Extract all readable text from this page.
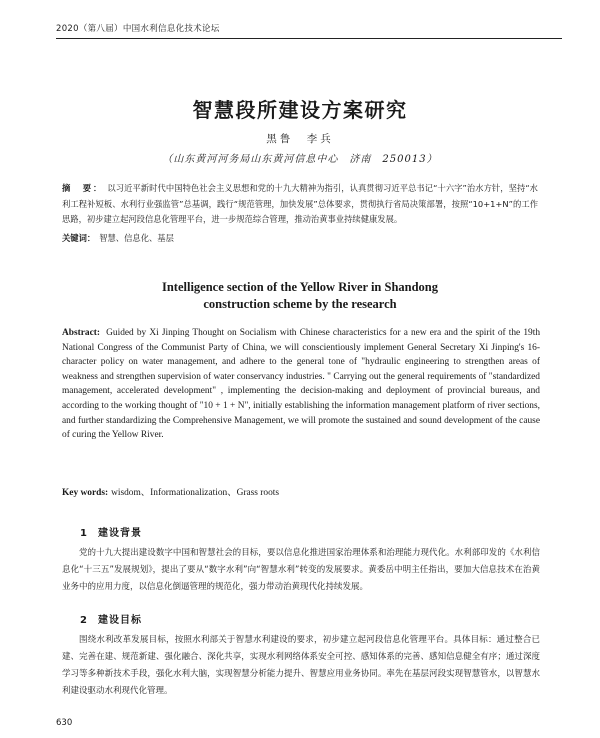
2020（第八届）中国水利信息化技术论坛
智慧段所建设方案研究
黑鲁　李兵
（山东黄河河务局山东黄河信息中心　济南　250013）
摘　要： 以习近平新时代中国特色社会主义思想和党的十九大精神为指引，认真贯彻习近平总书记“十六字”治水方针，坚持“水利工程补短板、水利行业强监管”总基调，践行“规范管理，加快发展”总体要求，贯彻执行省局决策部署，按照“10+1+N”的工作思路，初步建立起河段信息化管理平台，进一步规范综合管理，推动治黄事业持续健康发展。
关键词： 智慧、信息化、基层
Intelligence section of the Yellow River in Shandong
construction scheme by the research
Abstract: Guided by Xi Jinping Thought on Socialism with Chinese characteristics for a new era and the spirit of the 19th National Congress of the Communist Party of China, we will conscientiously implement General Secretary Xi Jinping's 16-character policy on water management, and adhere to the general tone of "hydraulic engineering to strengthen areas of weakness and strengthen supervision of water conservancy industries. " Carrying out the general requirements of "standardized management, accelerated development" , implementing the decision-making and deployment of provincial bureaus, and according to the working thought of "10 + 1 + N", initially establishing the information management platform of river sections, and further standardizing the Comprehensive Management, we will promote the sustained and sound development of the cause of curing the Yellow River.
Key words: wisdom、Informationalization、Grass roots
1 建设背景
党的十九大提出建设数字中国和智慧社会的目标，要以信息化推进国家治理体系和治理能力现代化。水利部印发的《水利信息化“十三五”发展规划》，提出了要从“数字水利”向“智慧水利”转变的发展要求。黄委岳中明主任指出，要加大信息技术在治黄业务中的应用力度，以信息化倒逼管理的规范化，强力带动治黄现代化持续发展。
2 建设目标
围绕水利改革发展目标，按照水利部关于智慧水利建设的要求，初步建立起河段信息化管理平台。具体目标：通过整合已建、完善在建、规范新建、强化融合、深化共享，实现水利网络体系安全可控、感知体系的完善、感知信息健全有序；通过深度学习等多种新技术手段，强化水利大脑，实现智慧分析能力提升、智慧应用业务协同。率先在基层河段实现智慧管水，以智慧水利建设驱动水利现代化管理。
630
